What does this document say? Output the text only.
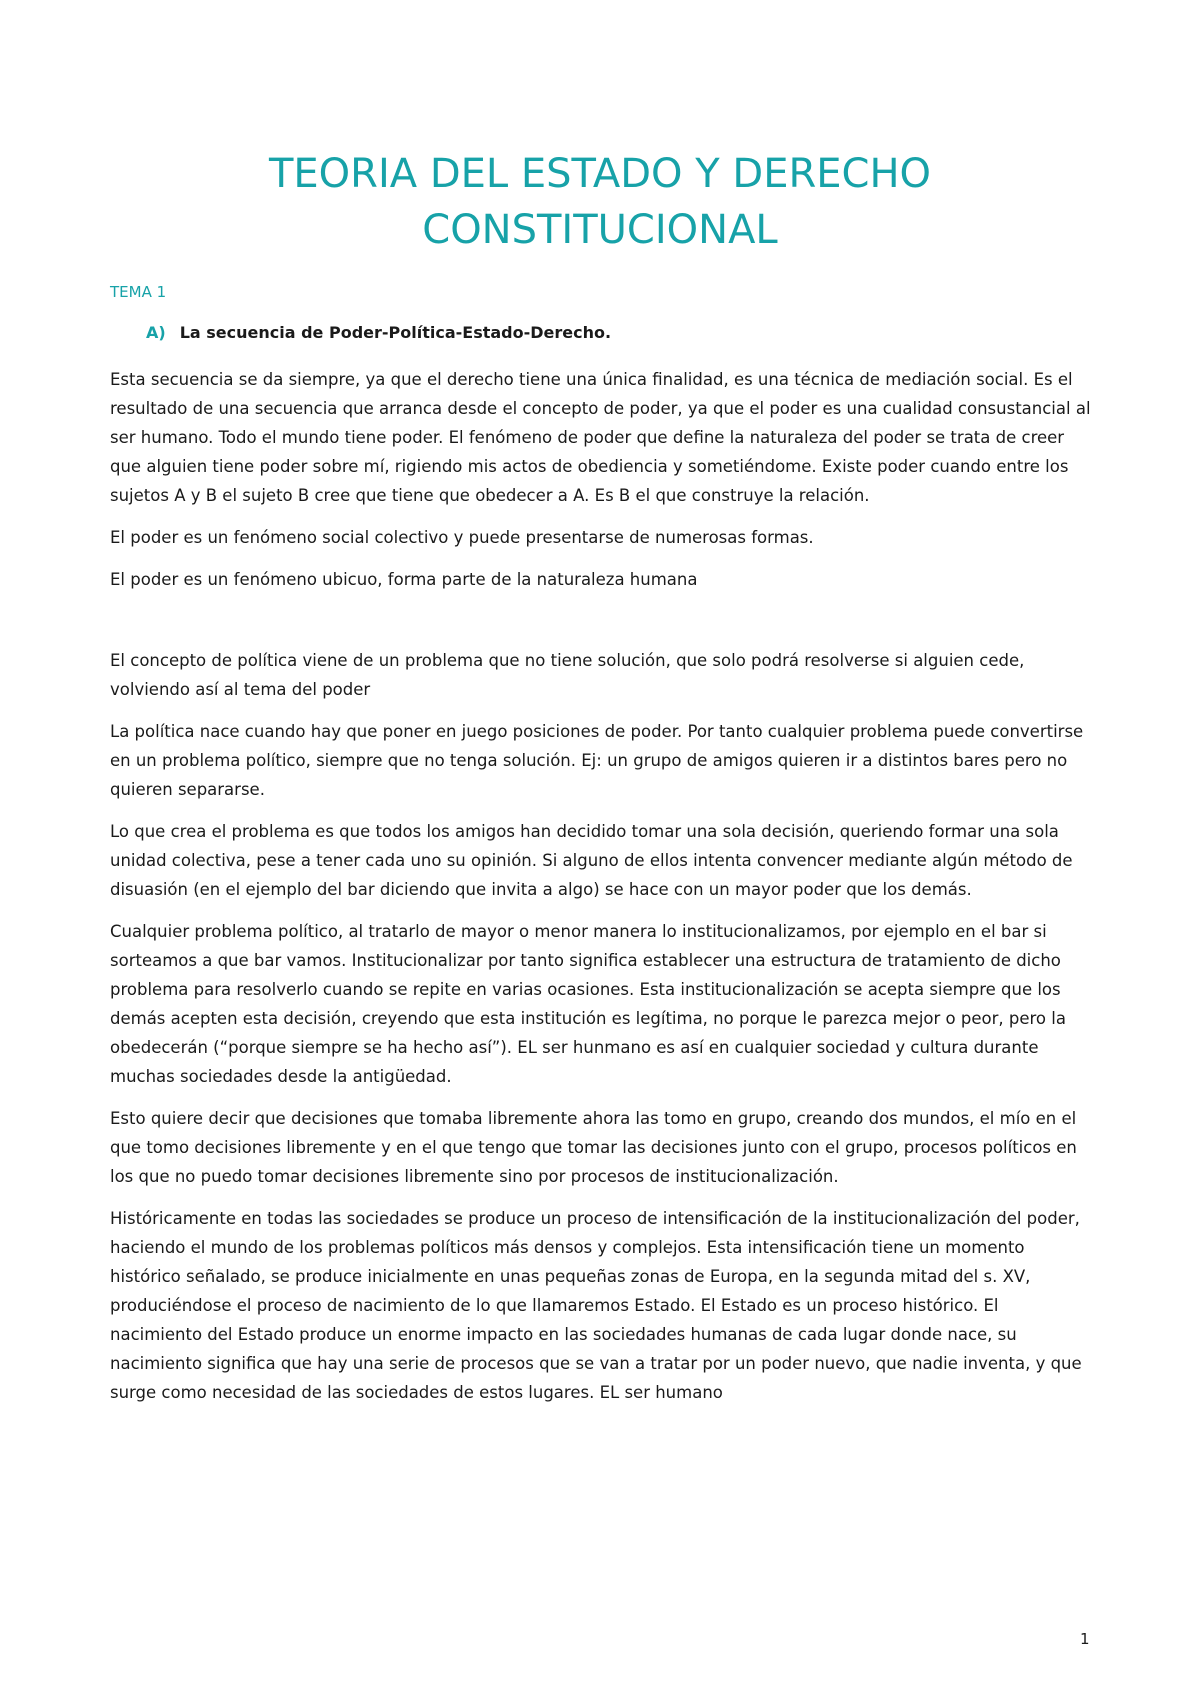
TEORIA DEL ESTADO Y DERECHO
CONSTITUCIONAL
TEMA 1
A) La secuencia de Poder-Política-Estado-Derecho.

Esta secuencia se da siempre, ya que el derecho tiene una única finalidad, es una técnica de mediación social. Es el resultado de una secuencia que arranca desde el concepto de poder, ya que el poder es una cualidad consustancial al ser humano. Todo el mundo tiene poder. El fenómeno de poder que define la naturaleza del poder se trata de creer que alguien tiene poder sobre mí, rigiendo mis actos de obediencia y sometiéndome. Existe poder cuando entre los sujetos A y B el sujeto B cree que tiene que obedecer a A. Es B el que construye la relación.

El poder es un fenómeno social colectivo y puede presentarse de numerosas formas.

El poder es un fenómeno ubicuo, forma parte de la naturaleza humana

El concepto de política viene de un problema que no tiene solución, que solo podrá resolverse si alguien cede, volviendo así al tema del poder

La política nace cuando hay que poner en juego posiciones de poder. Por tanto cualquier problema puede convertirse en un problema político, siempre que no tenga solución. Ej: un grupo de amigos quieren ir a distintos bares pero no quieren separarse.

Lo que crea el problema es que todos los amigos han decidido tomar una sola decisión, queriendo formar una sola unidad colectiva, pese a tener cada uno su opinión. Si alguno de ellos intenta convencer mediante algún método de disuasión (en el ejemplo del bar diciendo que invita a algo) se hace con un mayor poder que los demás.

Cualquier problema político, al tratarlo de mayor o menor manera lo institucionalizamos, por ejemplo en el bar si sorteamos a que bar vamos. Institucionalizar por tanto significa establecer una estructura de tratamiento de dicho problema para resolverlo cuando se repite en varias ocasiones. Esta institucionalización se acepta siempre que los demás acepten esta decisión, creyendo que esta institución es legítima, no porque le parezca mejor o peor, pero la obedecerán (“porque siempre se ha hecho así”). EL ser hunmano es así en cualquier sociedad y cultura durante muchas sociedades desde la antigüedad.

Esto quiere decir que decisiones que tomaba libremente ahora las tomo en grupo, creando dos mundos, el mío en el que tomo decisiones libremente y en el que tengo que tomar las decisiones junto con el grupo, procesos políticos en los que no puedo tomar decisiones libremente sino por procesos de institucionalización.

Históricamente en todas las sociedades se produce un proceso de intensificación de la institucionalización del poder, haciendo el mundo de los problemas políticos más densos y complejos. Esta intensificación tiene un momento histórico señalado, se produce inicialmente en unas pequeñas zonas de Europa, en la segunda mitad del s. XV, produciéndose el proceso de nacimiento de lo que llamaremos Estado. El Estado es un proceso histórico. El nacimiento del Estado produce un enorme impacto en las sociedades humanas de cada lugar donde nace, su nacimiento significa que hay una serie de procesos que se van a tratar por un poder nuevo, que nadie inventa, y que surge como necesidad de las sociedades de estos lugares. EL ser humano

1
